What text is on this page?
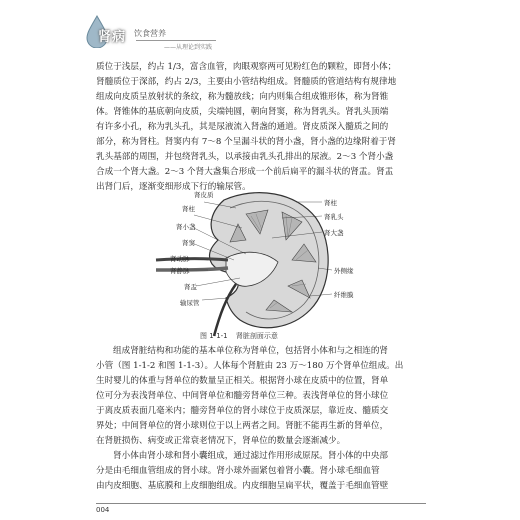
肾病 饮食营养
——从理论到实践

质位于浅层，约占 1/3，富含血管，肉眼观察两可见粉红色的颗粒，即肾小体；

肾髓质位于深部，约占 2/3，主要由小管结构组成。肾髓质的管道结构有规律地

组成向皮质呈放射状的条纹，称为髓放线；向内则集合组成锥形体，称为肾锥

体。肾锥体的基底朝向皮质，尖端钝圆，朝向肾窦，称为肾乳头。肾乳头顶端

有许多小孔，称为乳头孔，其是尿液流入肾盏的通道。肾皮质深入髓质之间的

部分，称为肾柱。肾窦内有 7～8 个呈漏斗状的肾小盏，肾小盏的边缘附着于肾

乳头基部的周围，并包绕肾乳头，以承接由乳头孔排出的尿液。2～3 个肾小盏

合成一个肾大盏。2～3 个肾大盏集合形成一个前后扁平的漏斗状的肾盂。肾盂

出肾门后，逐渐变细形成下行的输尿管。

肾皮质
肾柱
肾小盏
肾窦
肾动脉
肾静脉
肾盂
输尿管
肾柱
肾乳头
肾大盏
外侧缘
纤维膜
图 1-1-1 肾脏剖面示意

组成肾脏结构和功能的基本单位称为肾单位，包括肾小体和与之相连的肾

小管（图 1-1-2 和图 1-1-3）。人体每个肾脏由 23 万～180 万个肾单位组成。出

生时婴儿的体重与肾单位的数量呈正相关。根据肾小球在皮质中的位置，肾单

位可分为表浅肾单位、中间肾单位和髓旁肾单位三种。表浅肾单位的肾小球位

于离皮质表面几毫米内；髓旁肾单位的肾小球位于皮质深层，靠近皮、髓质交

界处；中间肾单位的肾小球则位于以上两者之间。肾脏不能再生新的肾单位，

在肾脏损伤、病变或正常衰老情况下，肾单位的数量会逐渐减少。

肾小体由肾小球和肾小囊组成，通过滤过作用形成原尿。肾小体的中央部

分是由毛细血管组成的肾小球。肾小球外面紧包着肾小囊。肾小球毛细血管

由内皮细胞、基底膜和上皮细胞组成。内皮细胞呈扁平状，覆盖于毛细血管壁

004
